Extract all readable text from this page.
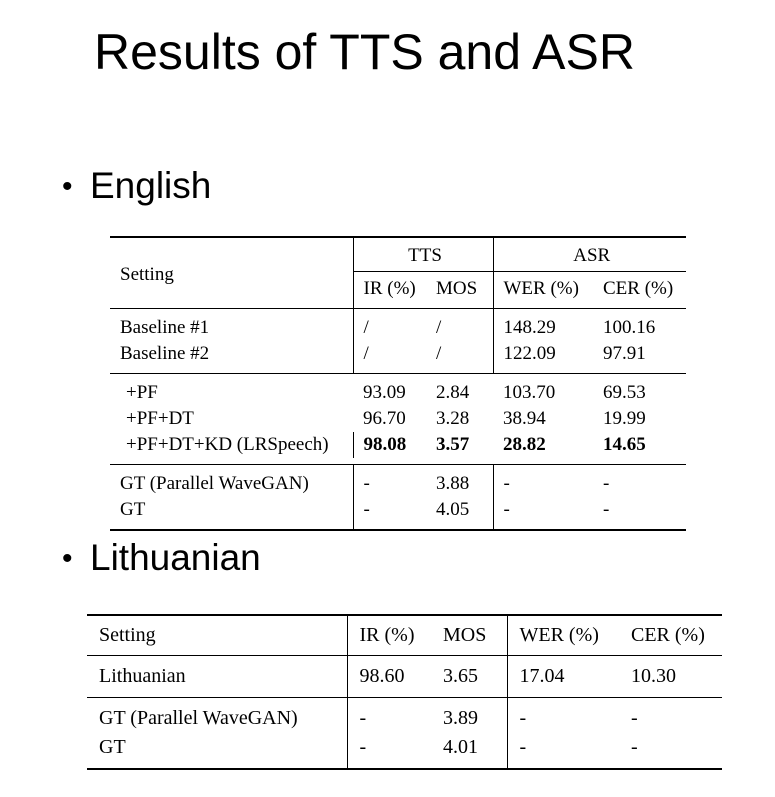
Results of TTS and ASR
• English
Setting	TTS		ASR	
	IR (%)	MOS	WER (%)	CER (%)

Baseline #1	/	/	148.29	100.16
Baseline #2	/	/	122.09	97.91

+PF	93.09	2.84	103.70	69.53
+PF+DT	96.70	3.28	38.94	19.99
+PF+DT+KD (LRSpeech)	98.08	3.57	28.82	14.65

GT (Parallel WaveGAN)	-	3.88	-	-
GT	-	4.05	-	-

• Lithuanian
Setting	IR (%)	MOS	WER (%)	CER (%)
Lithuanian	98.60	3.65	17.04	10.30

GT (Parallel WaveGAN)	-	3.89	-	-
GT	-	4.01	-	-
